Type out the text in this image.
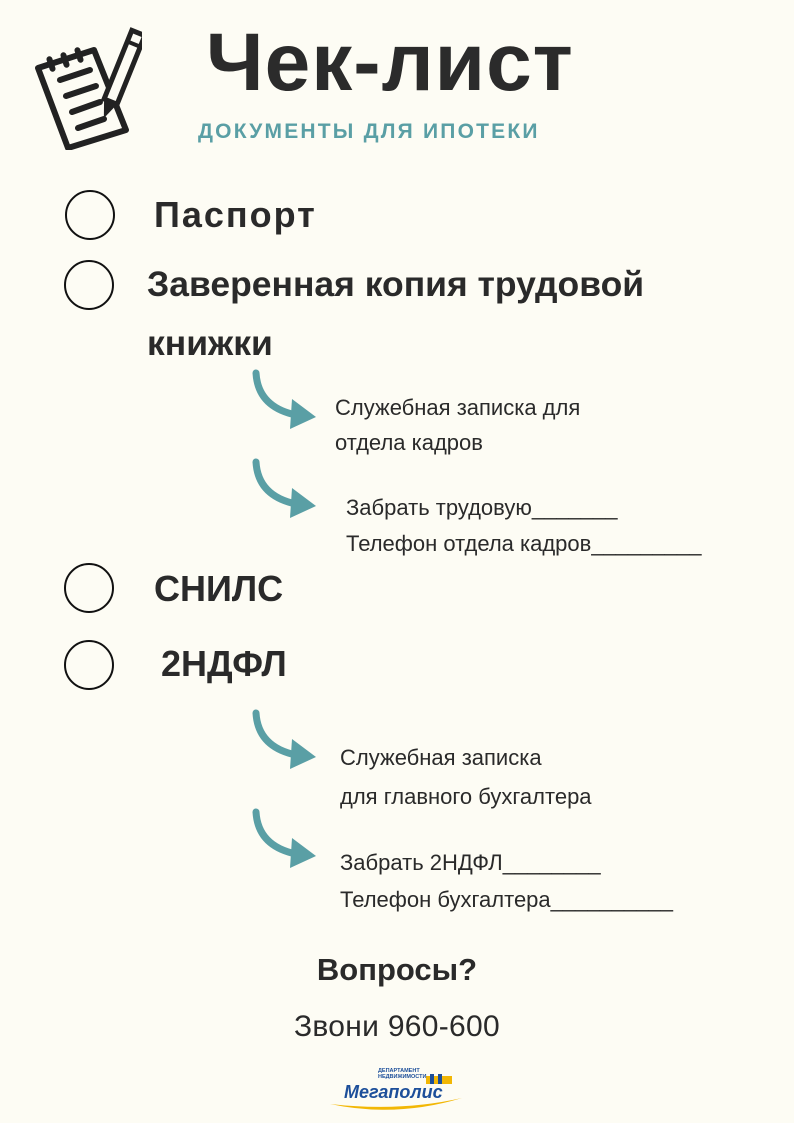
Чек-лист
ДОКУМЕНТЫ ДЛЯ ИПОТЕКИ
Паспорт
Заверенная копия трудовой
книжки
Служебная записка для
отдела кадров
Забрать трудовую_______
Телефон отдела кадров_________
СНИЛС
2НДФЛ
Служебная записка
для главного бухгалтера
Забрать 2НДФЛ________
Телефон бухгалтера__________
Вопросы?
Звони 960-600
ДЕПАРТАМЕНТ
НЕДВИЖИМОСТИ
Мегаполис
